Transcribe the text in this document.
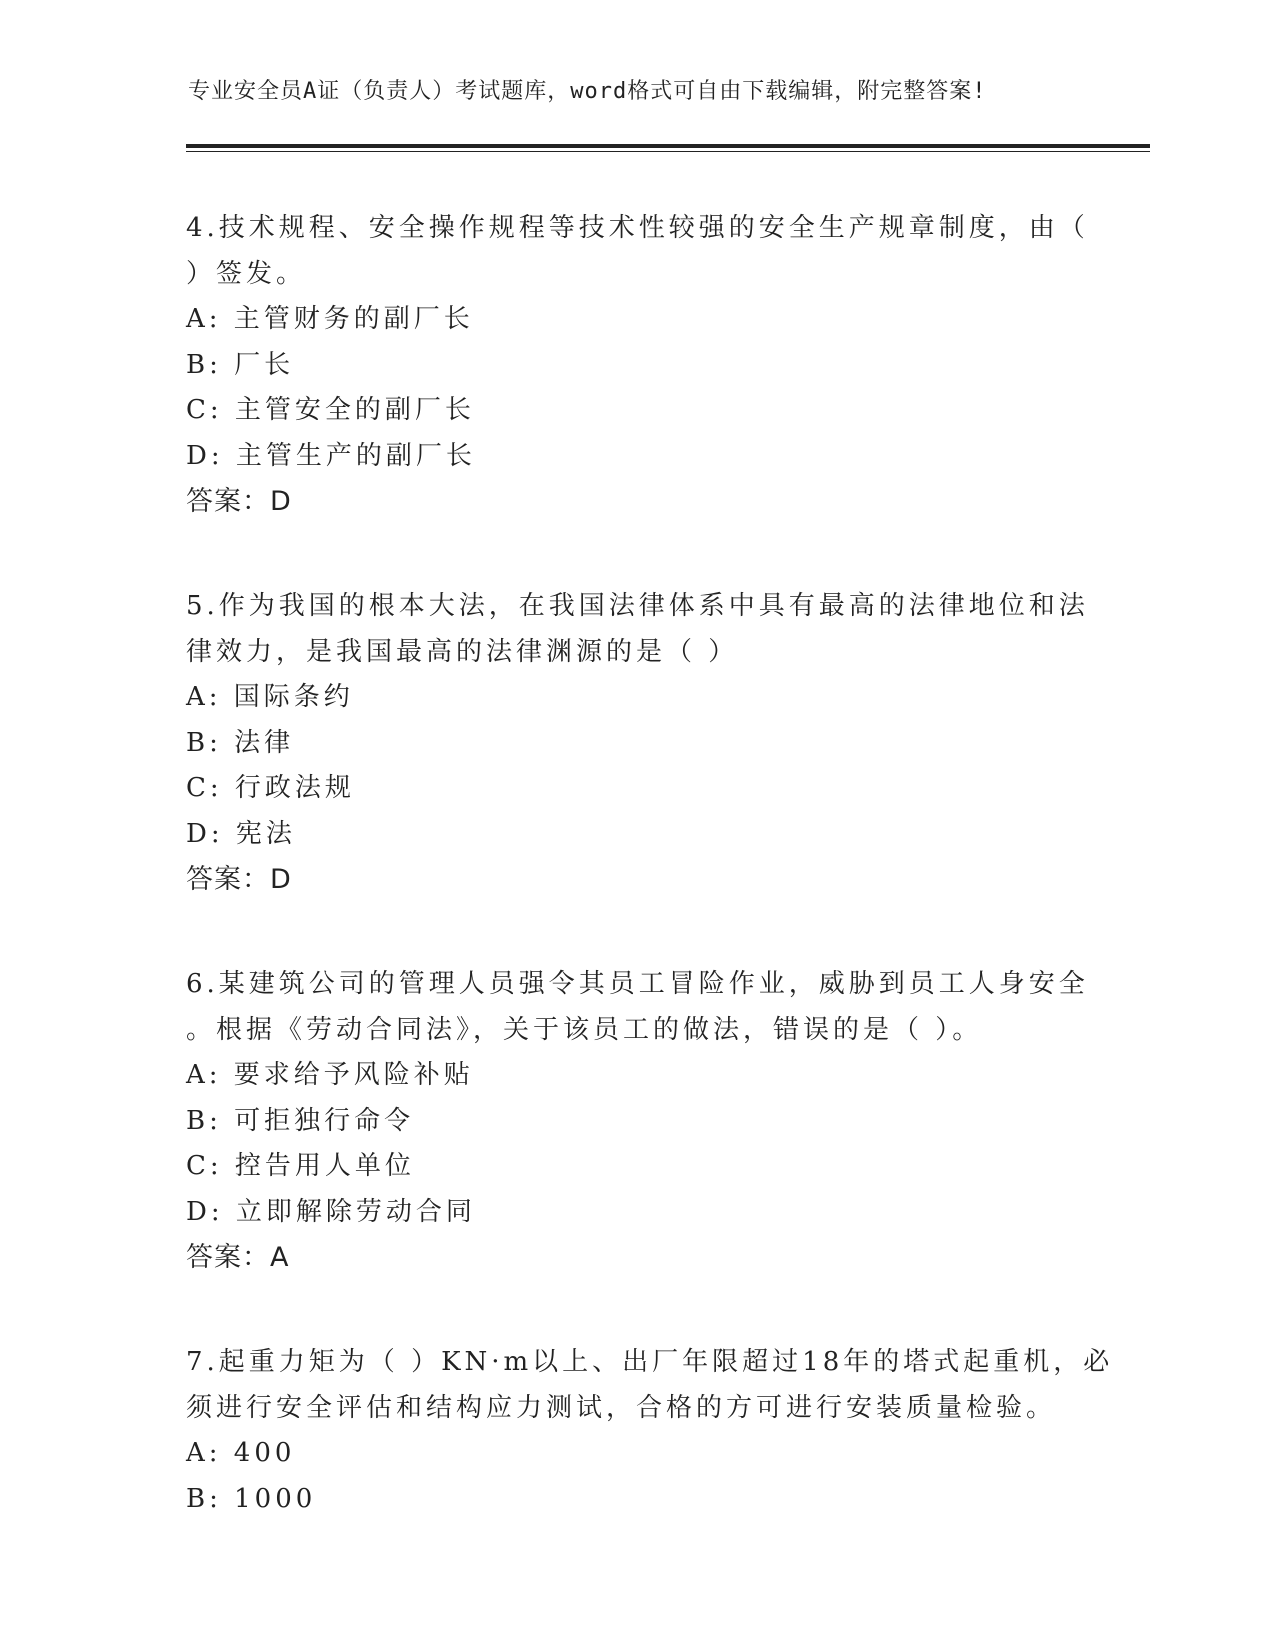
专业安全员A证（负责人）考试题库，word格式可自由下载编辑，附完整答案!

4.技术规程、安全操作规程等技术性较强的安全生产规章制度，由（

）签发。

A: 主管财务的副厂长

B: 厂长

C: 主管安全的副厂长

D: 主管生产的副厂长

答案：D

5.作为我国的根本大法，在我国法律体系中具有最高的法律地位和法

律效力，是我国最高的法律渊源的是（ ）

A: 国际条约

B: 法律

C: 行政法规

D: 宪法

答案：D

6.某建筑公司的管理人员强令其员工冒险作业，威胁到员工人身安全

。根据《劳动合同法》，关于该员工的做法，错误的是（ ）。

A: 要求给予风险补贴

B: 可拒独行命令

C: 控告用人单位

D: 立即解除劳动合同

答案：A

7.起重力矩为（ ）KN·m以上、出厂年限超过18年的塔式起重机，必

须进行安全评估和结构应力测试，合格的方可进行安装质量检验。

A: 400

B: 1000
